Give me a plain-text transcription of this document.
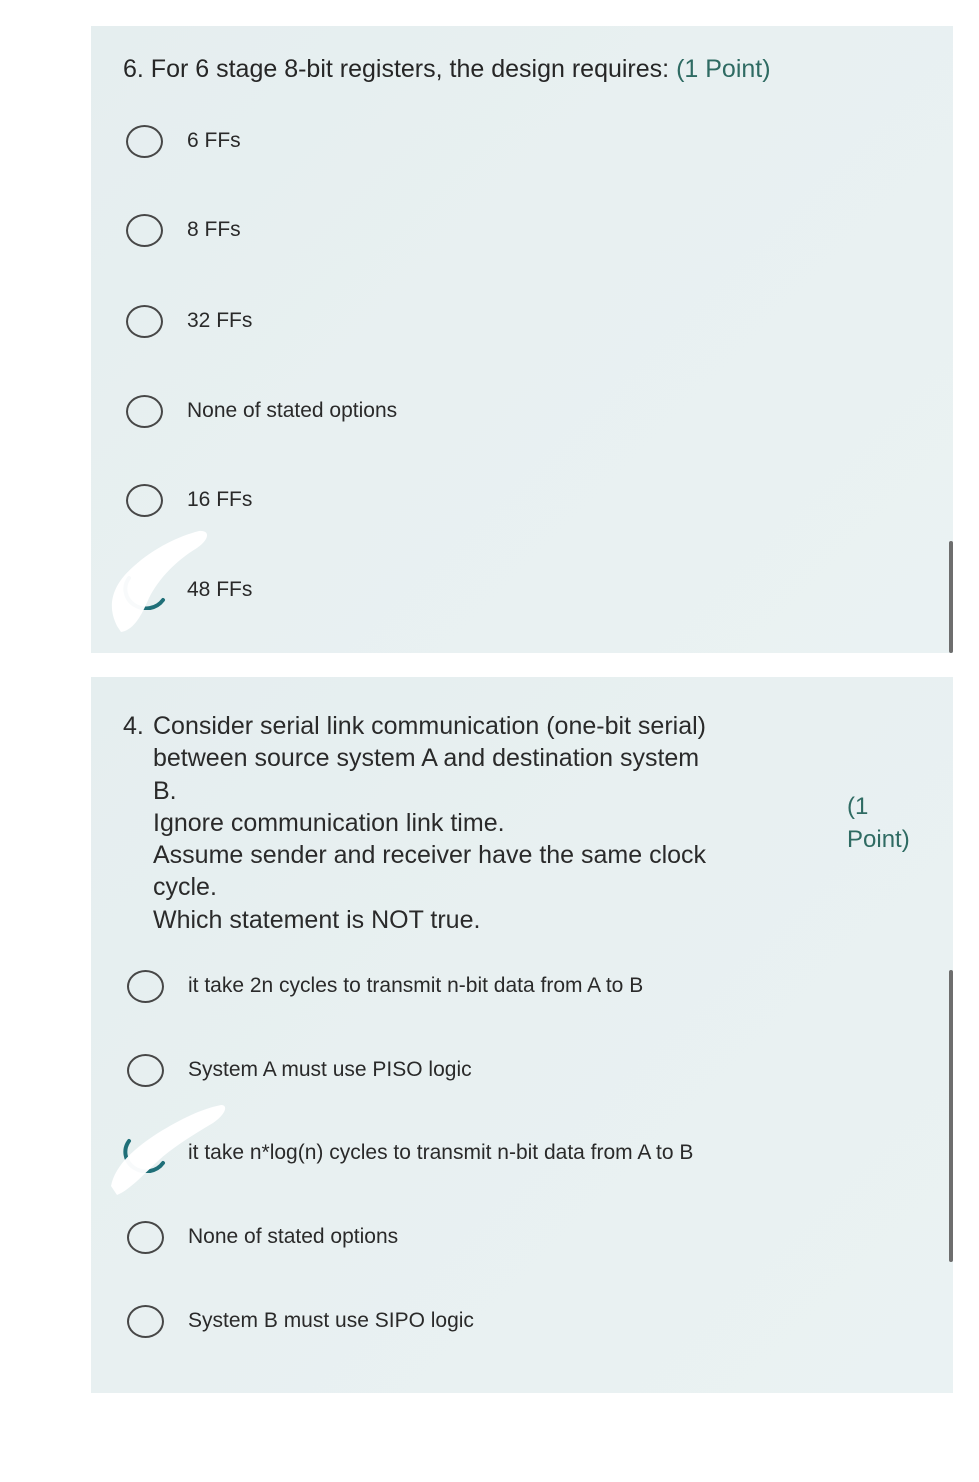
6. For 6 stage 8-bit registers, the design requires: (1 Point)
6 FFs
8 FFs
32 FFs
None of stated options
16 FFs
48 FFs
4. Consider serial link communication (one-bit serial)
between source system A and destination system
B.
Ignore communication link time.
Assume sender and receiver have the same clock
cycle.
Which statement is NOT true.
(1
Point)
it take 2n cycles to transmit n-bit data from A to B
System A must use PISO logic
it take n*log(n) cycles to transmit n-bit data from A to B
None of stated options
System B must use SIPO logic
